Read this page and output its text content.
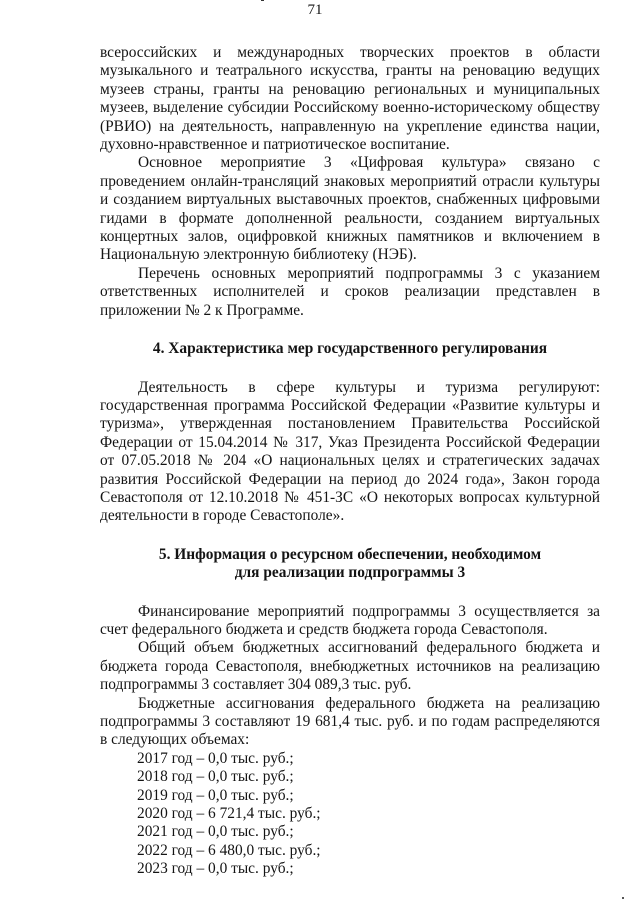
71

всероссийских и международных творческих проектов в области музыкального и театрального искусства, гранты на реновацию ведущих музеев страны, гранты на реновацию региональных и муниципальных музеев, выделение субсидии Российскому военно-историческому обществу (РВИО) на деятельность, направленную на укрепление единства нации, духовно-нравственное и патриотическое воспитание.

Основное мероприятие 3 «Цифровая культура» связано с проведением онлайн-трансляций знаковых мероприятий отрасли культуры и созданием виртуальных выставочных проектов, снабженных цифровыми гидами в формате дополненной реальности, созданием виртуальных концертных залов, оцифровкой книжных памятников и включением в Национальную электронную библиотеку (НЭБ).

Перечень основных мероприятий подпрограммы 3 с указанием ответственных исполнителей и сроков реализации представлен в приложении № 2 к Программе.

4. Характеристика мер государственного регулирования

Деятельность в сфере культуры и туризма регулируют: государственная программа Российской Федерации «Развитие культуры и туризма», утвержденная постановлением Правительства Российской Федерации от 15.04.2014 № 317, Указ Президента Российской Федерации от 07.05.2018 № 204 «О национальных целях и стратегических задачах развития Российской Федерации на период до 2024 года», Закон города Севастополя от 12.10.2018 № 451-ЗС «О некоторых вопросах культурной деятельности в городе Севастополе».

5. Информация о ресурсном обеспечении, необходимом
для реализации подпрограммы 3

Финансирование мероприятий подпрограммы 3 осуществляется за счет федерального бюджета и средств бюджета города Севастополя.

Общий объем бюджетных ассигнований федерального бюджета и бюджета города Севастополя, внебюджетных источников на реализацию подпрограммы 3 составляет 304 089,3 тыс. руб.

Бюджетные ассигнования федерального бюджета на реализацию подпрограммы 3 составляют 19 681,4 тыс. руб. и по годам распределяются в следующих объемах:

2017 год – 0,0 тыс. руб.;
2018 год – 0,0 тыс. руб.;
2019 год – 0,0 тыс. руб.;
2020 год – 6 721,4 тыс. руб.;
2021 год – 0,0 тыс. руб.;
2022 год – 6 480,0 тыс. руб.;
2023 год – 0,0 тыс. руб.;
